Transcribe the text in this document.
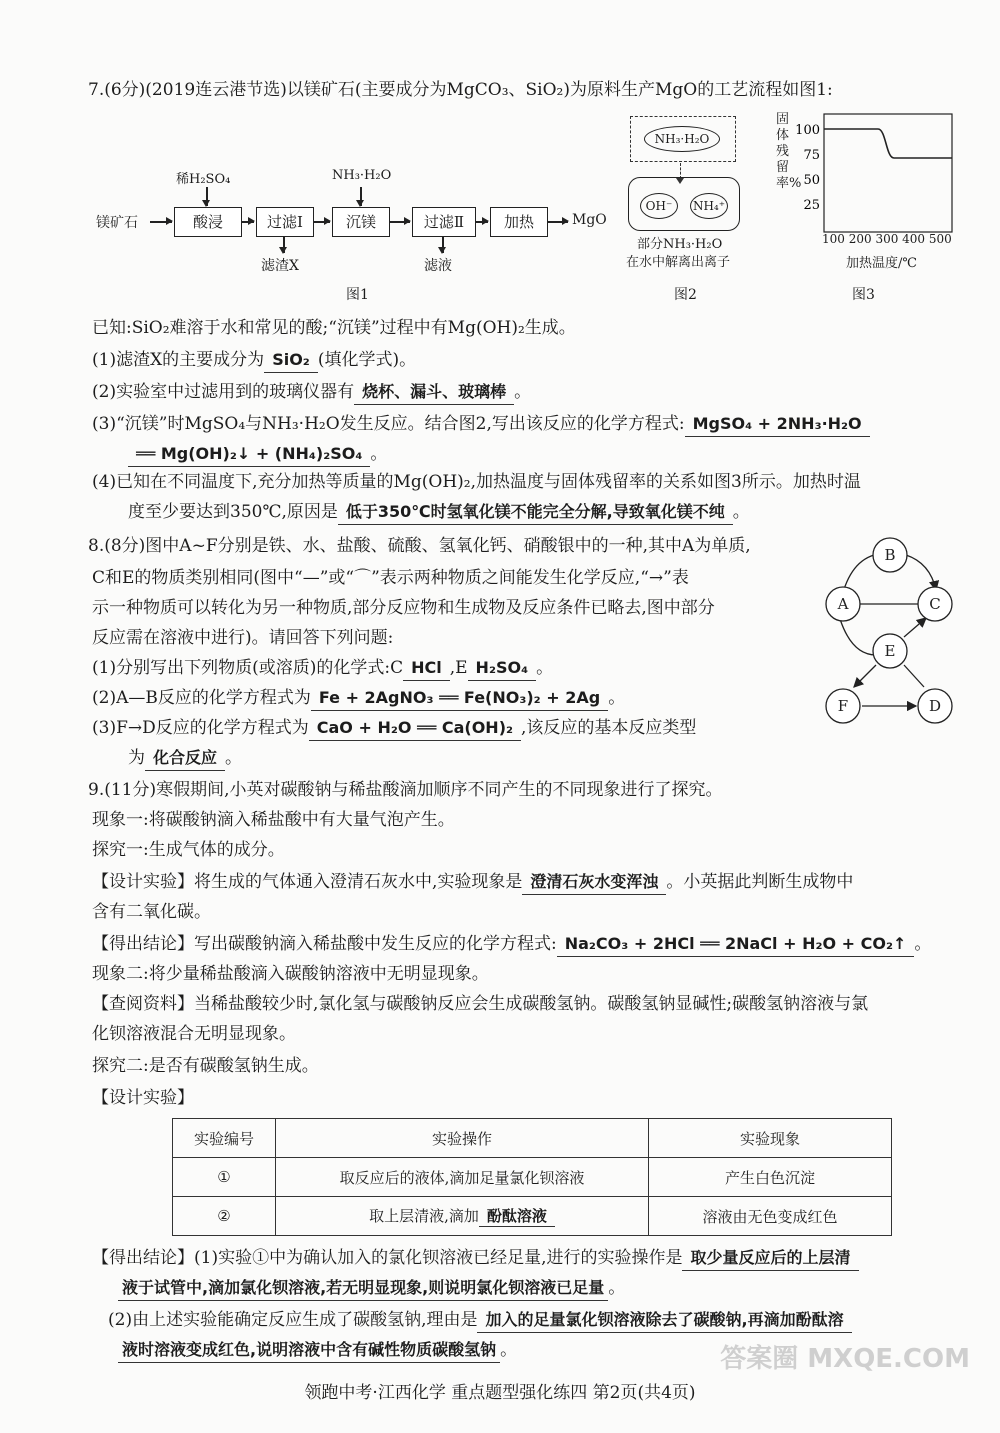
7.(6分)(2019连云港节选)以镁矿石(主要成分为MgCO₃、SiO₂)为原料生产MgO的工艺流程如图1:
镁矿石	酸浸	过滤Ⅰ	沉镁	过滤Ⅱ	加热	MgO
稀H₂SO₄	NH₃·H₂O
滤渣X	滤液
图1
NH₃·H₂O
OH⁻	NH₄⁺
部分NH₃·H₂O
在水中解离出离子
图2
固体残留率%
100
75
50
25
100 200 300 400 500
加热温度/℃
图3
已知:SiO₂难溶于水和常见的酸;“沉镁”过程中有Mg(OH)₂生成。
(1)滤渣X的主要成分为 SiO₂ (填化学式)。
(2)实验室中过滤用到的玻璃仪器有 烧杯、漏斗、玻璃棒 。
(3)“沉镁”时MgSO₄与NH₃·H₂O发生反应。结合图2,写出该反应的化学方程式: MgSO₄ + 2NH₃·H₂O
══ Mg(OH)₂↓ + (NH₄)₂SO₄ 。
(4)已知在不同温度下,充分加热等质量的Mg(OH)₂,加热温度与固体残留率的关系如图3所示。加热时温
度至少要达到350℃,原因是 低于350℃时氢氧化镁不能完全分解,导致氧化镁不纯 。
8.(8分)图中A~F分别是铁、水、盐酸、硫酸、氢氧化钙、硝酸银中的一种,其中A为单质,
C和E的物质类别相同(图中“—”或“⌒”表示两种物质之间能发生化学反应,“→”表
示一种物质可以转化为另一种物质,部分反应物和生成物及反应条件已略去,图中部分
反应需在溶液中进行)。请回答下列问题:
(1)分别写出下列物质(或溶质)的化学式:C HCl ,E H₂SO₄ 。
(2)A—B反应的化学方程式为 Fe + 2AgNO₃ ══ Fe(NO₃)₂ + 2Ag 。
(3)F→D反应的化学方程式为 CaO + H₂O ══ Ca(OH)₂ ,该反应的基本反应类型
为 化合反应 。
A
B
C
D
E
F
9.(11分)寒假期间,小英对碳酸钠与稀盐酸滴加顺序不同产生的不同现象进行了探究。
现象一:将碳酸钠滴入稀盐酸中有大量气泡产生。
探究一:生成气体的成分。
【设计实验】将生成的气体通入澄清石灰水中,实验现象是 澄清石灰水变浑浊 。小英据此判断生成物中
含有二氧化碳。
【得出结论】写出碳酸钠滴入稀盐酸中发生反应的化学方程式: Na₂CO₃ + 2HCl ══ 2NaCl + H₂O + CO₂↑ 。
现象二:将少量稀盐酸滴入碳酸钠溶液中无明显现象。
【查阅资料】当稀盐酸较少时,氯化氢与碳酸钠反应会生成碳酸氢钠。碳酸氢钠显碱性;碳酸氢钠溶液与氯
化钡溶液混合无明显现象。
探究二:是否有碳酸氢钠生成。
【设计实验】
实验编号	实验操作	实验现象
①	取反应后的液体,滴加足量氯化钡溶液	产生白色沉淀
②	取上层清液,滴加 酚酞溶液	溶液由无色变成红色
【得出结论】(1)实验①中为确认加入的氯化钡溶液已经足量,进行的实验操作是 取少量反应后的上层清
液于试管中,滴加氯化钡溶液,若无明显现象,则说明氯化钡溶液已足量 。
(2)由上述实验能确定反应生成了碳酸氢钠,理由是 加入的足量氯化钡溶液除去了碳酸钠,再滴加酚酞溶
液时溶液变成红色,说明溶液中含有碱性物质碳酸氢钠 。
领跑中考·江西化学 重点题型强化练四 第2页(共4页)
答案圈 MXQE.COM
